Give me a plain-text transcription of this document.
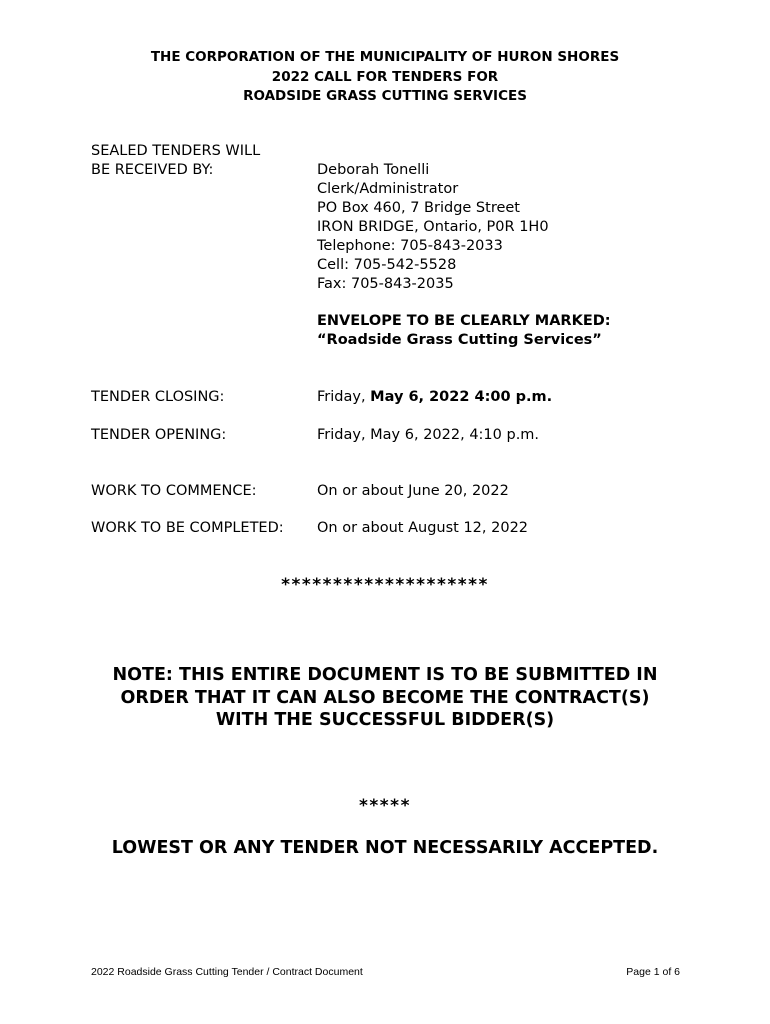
THE CORPORATION OF THE MUNICIPALITY OF HURON SHORES
2022 CALL FOR TENDERS FOR
ROADSIDE GRASS CUTTING SERVICES
SEALED TENDERS WILL
BE RECEIVED BY:	Deborah Tonelli
Clerk/Administrator
PO Box 460, 7 Bridge Street
IRON BRIDGE, Ontario, P0R 1H0
Telephone: 705-843-2033
Cell: 705-542-5528
Fax: 705-843-2035
ENVELOPE TO BE CLEARLY MARKED:
“Roadside Grass Cutting Services”
TENDER CLOSING:	Friday, May 6, 2022 4:00 p.m.
TENDER OPENING:	Friday, May 6, 2022, 4:10 p.m.
WORK TO COMMENCE:	On or about June 20, 2022
WORK TO BE COMPLETED: On or about August 12, 2022
********************
NOTE: THIS ENTIRE DOCUMENT IS TO BE SUBMITTED IN
ORDER THAT IT CAN ALSO BECOME THE CONTRACT(S)
WITH THE SUCCESSFUL BIDDER(S)
*****
LOWEST OR ANY TENDER NOT NECESSARILY ACCEPTED.
2022 Roadside Grass Cutting Tender / Contract Document	Page 1 of 6
